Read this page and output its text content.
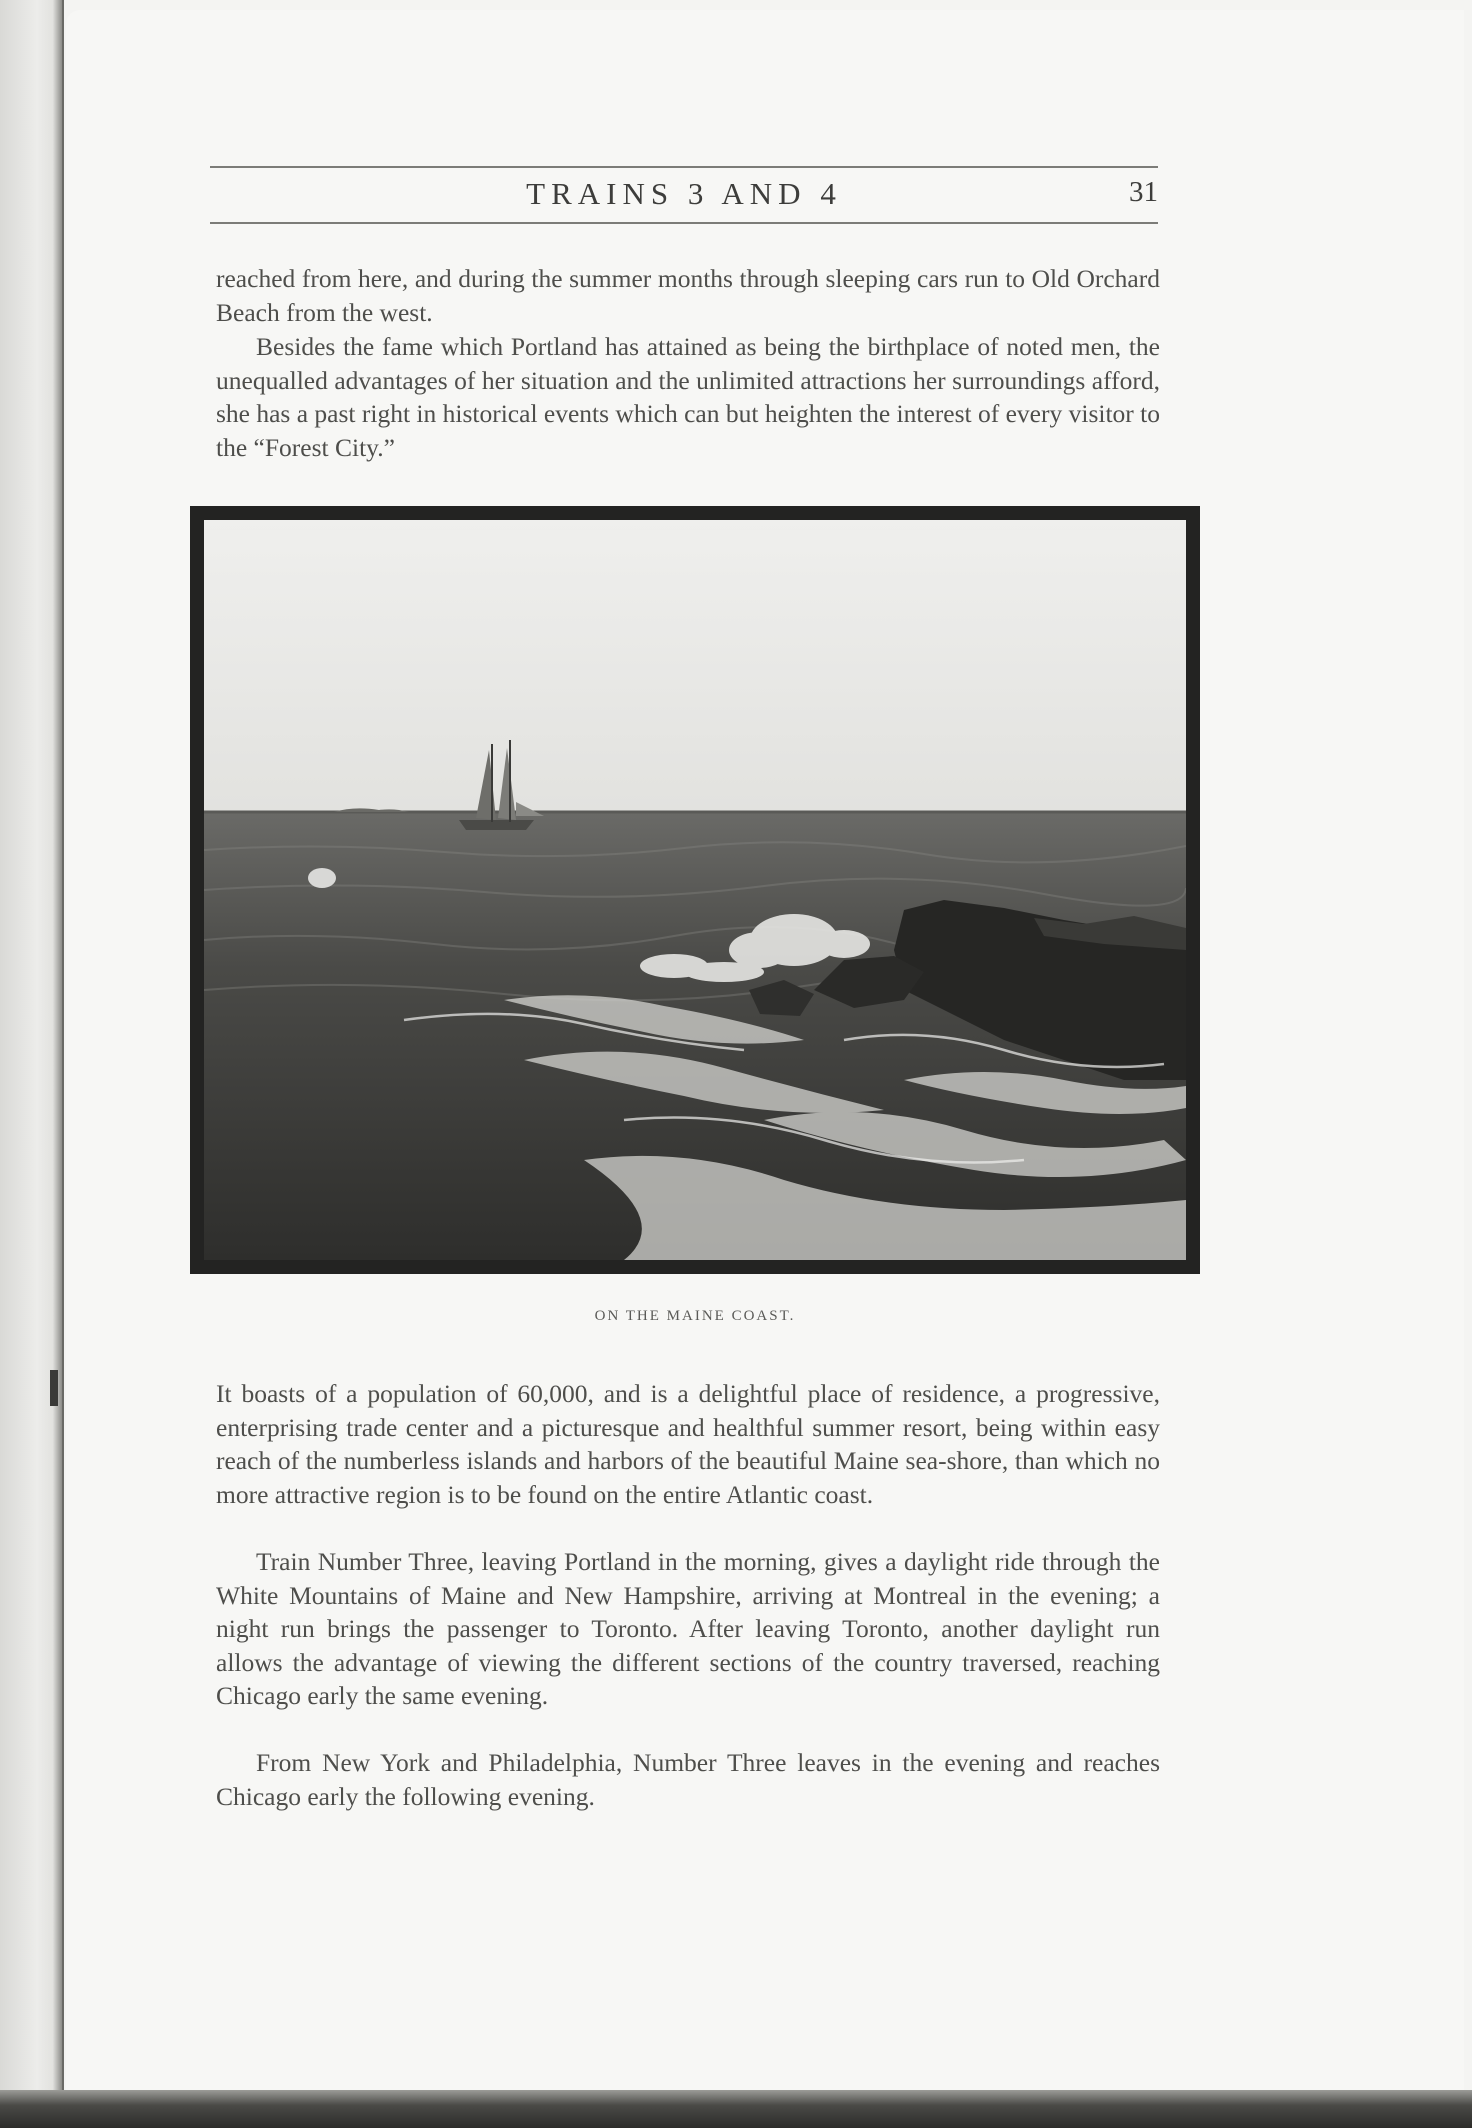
TRAINS 3 AND 4	31

reached from here, and during the summer months through sleeping cars run to Old Orchard Beach from the west.

Besides the fame which Portland has attained as being the birthplace of noted men, the unequalled advantages of her situation and the unlimited attractions her surroundings afford, she has a past right in historical events which can but heighten the interest of every visitor to the “Forest City.”

ON THE MAINE COAST.

It boasts of a population of 60,000, and is a delightful place of residence, a progressive, enterprising trade center and a picturesque and healthful summer resort, being within easy reach of the numberless islands and harbors of the beautiful Maine sea-shore, than which no more attractive region is to be found on the entire Atlantic coast.

Train Number Three, leaving Portland in the morning, gives a daylight ride through the White Mountains of Maine and New Hampshire, arriving at Montreal in the evening; a night run brings the passenger to Toronto. After leaving Toronto, another daylight run allows the advantage of viewing the different sections of the country traversed, reaching Chicago early the same evening.

From New York and Philadelphia, Number Three leaves in the evening and reaches Chicago early the following evening.
